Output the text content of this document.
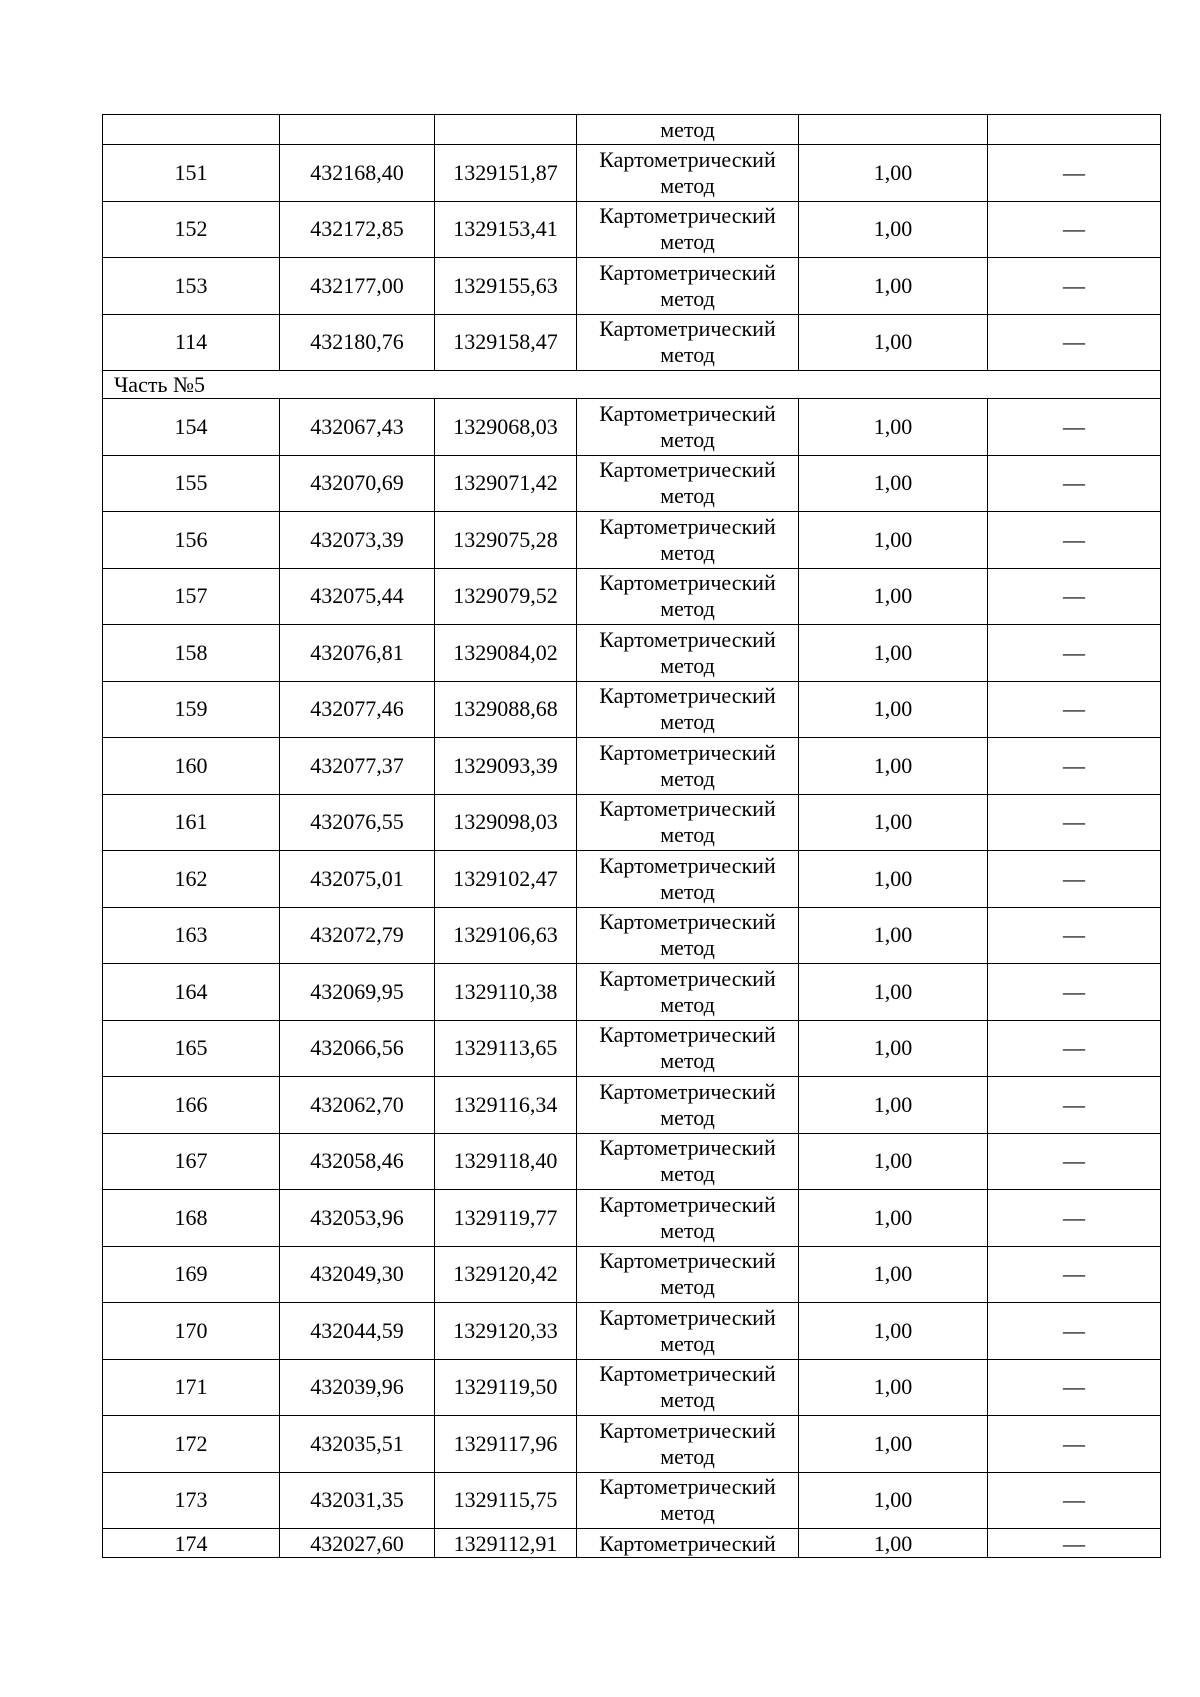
			метод		
151	432168,40	1329151,87	Картометрический метод	1,00	—
152	432172,85	1329153,41	Картометрический метод	1,00	—
153	432177,00	1329155,63	Картометрический метод	1,00	—
114	432180,76	1329158,47	Картометрический метод	1,00	—
Часть №5					
154	432067,43	1329068,03	Картометрический метод	1,00	—
155	432070,69	1329071,42	Картометрический метод	1,00	—
156	432073,39	1329075,28	Картометрический метод	1,00	—
157	432075,44	1329079,52	Картометрический метод	1,00	—
158	432076,81	1329084,02	Картометрический метод	1,00	—
159	432077,46	1329088,68	Картометрический метод	1,00	—
160	432077,37	1329093,39	Картометрический метод	1,00	—
161	432076,55	1329098,03	Картометрический метод	1,00	—
162	432075,01	1329102,47	Картометрический метод	1,00	—
163	432072,79	1329106,63	Картометрический метод	1,00	—
164	432069,95	1329110,38	Картометрический метод	1,00	—
165	432066,56	1329113,65	Картометрический метод	1,00	—
166	432062,70	1329116,34	Картометрический метод	1,00	—
167	432058,46	1329118,40	Картометрический метод	1,00	—
168	432053,96	1329119,77	Картометрический метод	1,00	—
169	432049,30	1329120,42	Картометрический метод	1,00	—
170	432044,59	1329120,33	Картометрический метод	1,00	—
171	432039,96	1329119,50	Картометрический метод	1,00	—
172	432035,51	1329117,96	Картометрический метод	1,00	—
173	432031,35	1329115,75	Картометрический метод	1,00	—
174	432027,60	1329112,91	Картометрический	1,00	—
